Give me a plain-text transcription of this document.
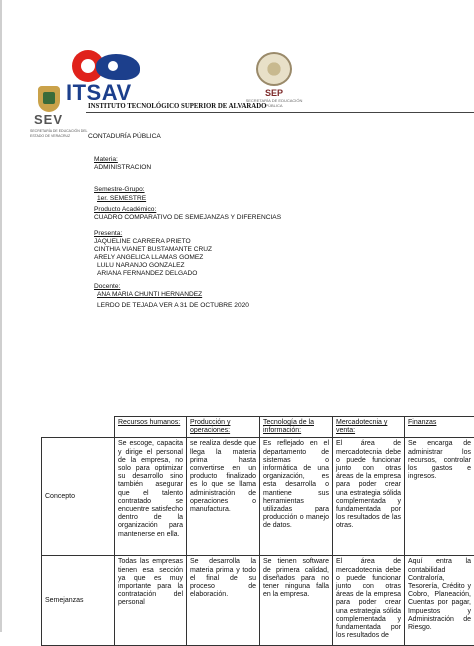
ITSAV	SEP
SECRETARÍA DE EDUCACIÓN PÚBLICA
SEV
SECRETARÍA DE EDUCACIÓN DEL ESTADO DE VERACRUZ
INSTITUTO TECNOLÓGICO SUPERIOR DE ALVARADO
CONTADURÍA PÚBLICA
Materia:
ADMINISTRACION
Semestre-Grupo:
1er. SEMESTRE
Producto Académico:
CUADRO COMPARATIVO DE SEMEJANZAS Y DIFERENCIAS
Presenta:
JAQUELINE CARRERA PRIETO
CINTHIA VIANET BUSTAMANTE CRUZ
ARELY ANGELICA LLAMAS GOMEZ
LULU NARANJO GONZALEZ
ARIANA FERNANDEZ DELGADO
Docente:
ANA MARIA CHUNTI HERNANDEZ
LERDO DE TEJADA VER A 31 DE OCTUBRE 2020
	Recursos humanos:	Producción y operaciones:	Tecnología de la información:	Mercadotecnia y venta:	Finanzas
Concepto	Se escoge, capacita y dirige el personal de la empresa, no solo para optimizar su desarrollo sino también asegurar que el talento contratado se encuentre satisfecho dentro de la organización para mantenerse en ella.	se realiza desde que llega la materia prima hasta convertirse en un producto finalizado es lo que se llama administración de operaciones o manufactura.	Es reflejado en el departamento de sistemas o informática de una organización, es esta desarrolla o mantiene sus herramientas utilizadas para producción o manejo de datos.	El área de mercadotecnia debe o puede funcionar junto con otras áreas de la empresa para poder crear una estrategia sólida complementada y fundamentada por los resultados de las otras.	Se encarga de administrar los recursos, controlar los gastos e ingresos.

Semejanzas	Todas las empresas tienen esa sección ya que es muy importante para la contratación del personal	Se desarrolla la materia prima y todo el final de su proceso de elaboración.	Se tienen software de primera calidad, diseñados para no tener ninguna falla en la empresa.	El área de mercadotecnia debe o puede funcionar junto con otras áreas de la empresa para poder crear una estrategia sólida complementada y fundamentada por los resultados de	Aquí entra la contabilidad Contraloría, Tesorería, Crédito y Cobro, Planeación, Cuentas por pagar, Impuestos y Administración de Riesgo.
